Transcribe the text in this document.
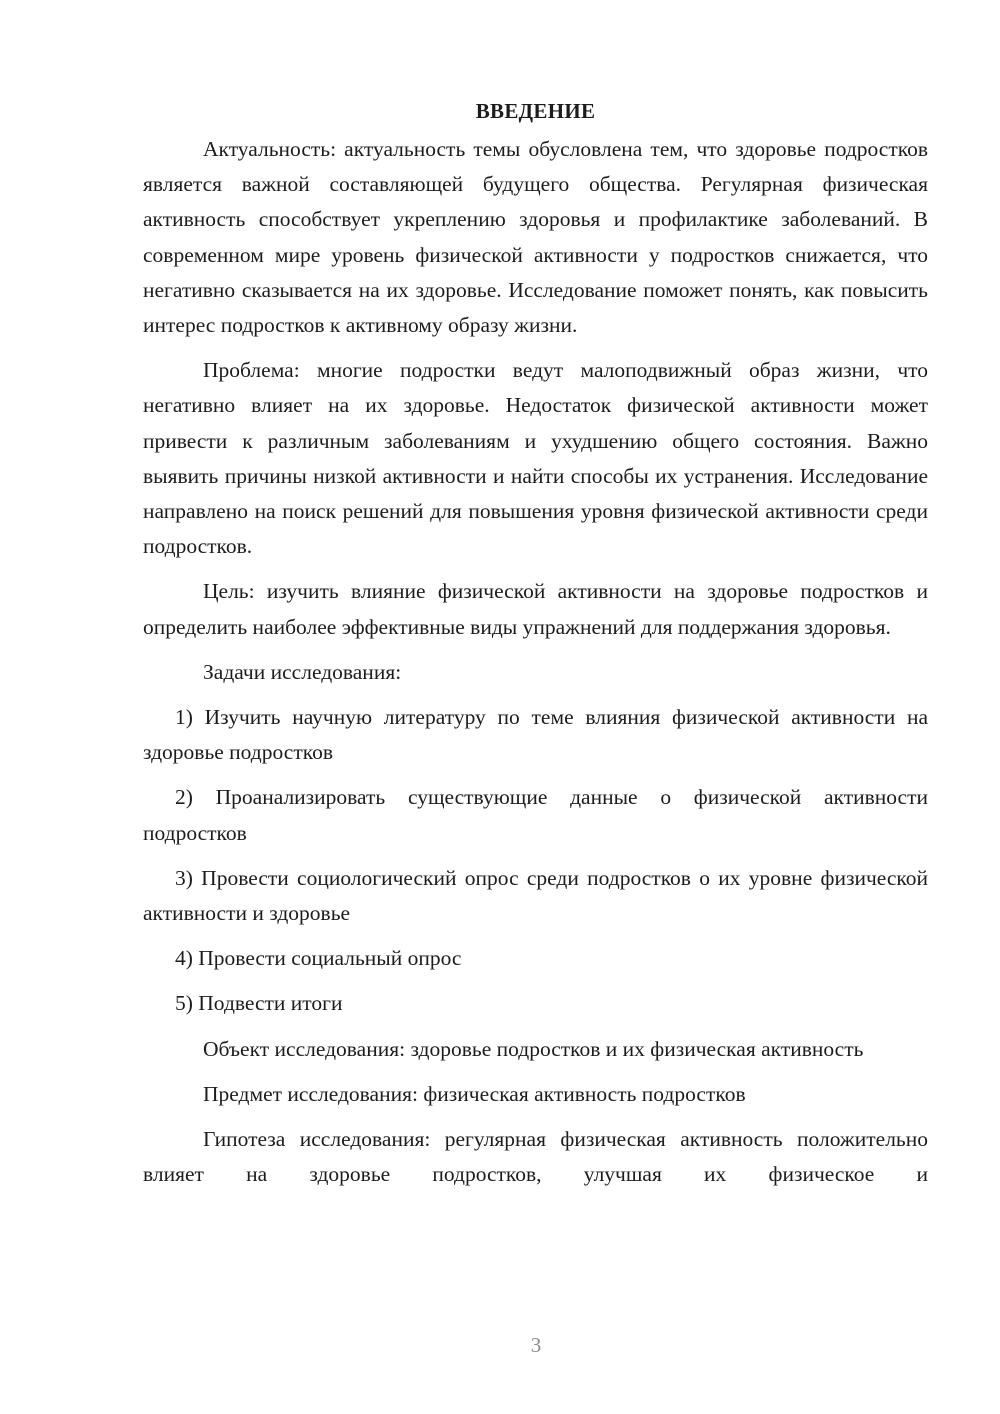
ВВЕДЕНИЕ

Актуальность: актуальность темы обусловлена тем, что здоровье подростков является важной составляющей будущего общества. Регулярная физическая активность способствует укреплению здоровья и профилактике заболеваний. В современном мире уровень физической активности у подростков снижается, что негативно сказывается на их здоровье. Исследование поможет понять, как повысить интерес подростков к активному образу жизни.

Проблема: многие подростки ведут малоподвижный образ жизни, что негативно влияет на их здоровье. Недостаток физической активности может привести к различным заболеваниям и ухудшению общего состояния. Важно выявить причины низкой активности и найти способы их устранения. Исследование направлено на поиск решений для повышения уровня физической активности среди подростков.

Цель: изучить влияние физической активности на здоровье подростков и определить наиболее эффективные виды упражнений для поддержания здоровья.

Задачи исследования:

1) Изучить научную литературу по теме влияния физической активности на здоровье подростков

2) Проанализировать существующие данные о физической активности подростков

3) Провести социологический опрос среди подростков о их уровне физической активности и здоровье

4) Провести социальный опрос

5) Подвести итоги

Объект исследования: здоровье подростков и их физическая активность

Предмет исследования: физическая активность подростков

Гипотеза исследования: регулярная физическая активность положительно влияет на здоровье подростков, улучшая их физическое и

3
